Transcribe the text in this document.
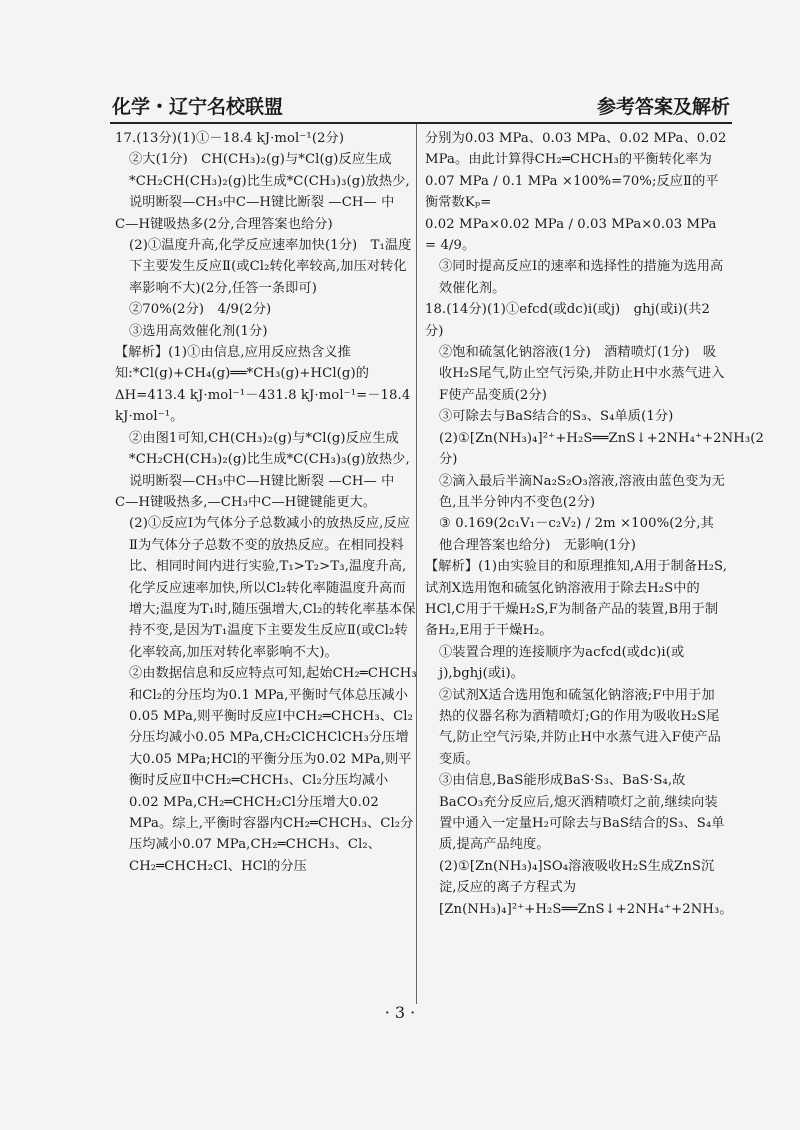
化学・辽宁名校联盟	参考答案及解析

17.(13分)(1)①－18.4 kJ·mol⁻¹(2分)

②大(1分)　CH(CH₃)₂(g)与*Cl(g)反应生成*CH₂CH(CH₃)₂(g)比生成*C(CH₃)₃(g)放热少,说明断裂—CH₃中C—H键比断裂 —CH— 中

C—H键吸热多(2分,合理答案也给分)

(2)①温度升高,化学反应速率加快(1分)　T₁温度下主要发生反应Ⅱ(或Cl₂转化率较高,加压对转化率影响不大)(2分,任答一条即可)

②70%(2分)　4/9(2分)

③选用高效催化剂(1分)

【解析】(1)①由信息,应用反应热含义推知:*Cl(g)+CH₄(g)══*CH₃(g)+HCl(g)的ΔH=413.4 kJ·mol⁻¹－431.8 kJ·mol⁻¹=－18.4 kJ·mol⁻¹。

②由图1可知,CH(CH₃)₂(g)与*Cl(g)反应生成*CH₂CH(CH₃)₂(g)比生成*C(CH₃)₃(g)放热少,说明断裂—CH₃中C—H键比断裂 —CH— 中

C—H键吸热多,—CH₃中C—H键键能更大。

(2)①反应Ⅰ为气体分子总数减小的放热反应,反应Ⅱ为气体分子总数不变的放热反应。在相同投料比、相同时间内进行实验,T₁>T₂>T₃,温度升高,化学反应速率加快,所以Cl₂转化率随温度升高而增大;温度为T₁时,随压强增大,Cl₂的转化率基本保持不变,是因为T₁温度下主要发生反应Ⅱ(或Cl₂转化率较高,加压对转化率影响不大)。

②由数据信息和反应特点可知,起始CH₂═CHCH₃和Cl₂的分压均为0.1 MPa,平衡时气体总压减小0.05 MPa,则平衡时反应Ⅰ中CH₂═CHCH₃、Cl₂分压均减小0.05 MPa,CH₂ClCHClCH₃分压增大0.05 MPa;HCl的平衡分压为0.02 MPa,则平衡时反应Ⅱ中CH₂═CHCH₃、Cl₂分压均减小0.02 MPa,CH₂═CHCH₂Cl分压增大0.02 MPa。综上,平衡时容器内CH₂═CHCH₃、Cl₂分压均减小0.07 MPa,CH₂═CHCH₃、Cl₂、CH₂═CHCH₂Cl、HCl的分压

分别为0.03 MPa、0.03 MPa、0.02 MPa、0.02 MPa。由此计算得CH₂═CHCH₃的平衡转化率为

0.07 MPa / 0.1 MPa ×100%=70%;反应Ⅱ的平衡常数Kₚ=

0.02 MPa×0.02 MPa / 0.03 MPa×0.03 MPa = 4/9。

③同时提高反应Ⅰ的速率和选择性的措施为选用高效催化剂。

18.(14分)(1)①efcd(或dc)i(或j)　ghj(或i)(共2分)

②饱和硫氢化钠溶液(1分)　酒精喷灯(1分)　吸收H₂S尾气,防止空气污染,并防止H中水蒸气进入F使产品变质(2分)

③可除去与BaS结合的S₃、S₄单质(1分)

(2)①[Zn(NH₃)₄]²⁺+H₂S══ZnS↓+2NH₄⁺+2NH₃(2分)

②滴入最后半滴Na₂S₂O₃溶液,溶液由蓝色变为无色,且半分钟内不变色(2分)

③ 0.169(2c₁V₁－c₂V₂) / 2m ×100%(2分,其他合理答案也给分)　无影响(1分)

【解析】(1)由实验目的和原理推知,A用于制备H₂S,试剂X选用饱和硫氢化钠溶液用于除去H₂S中的HCl,C用于干燥H₂S,F为制备产品的装置,B用于制备H₂,E用于干燥H₂。

①装置合理的连接顺序为acfcd(或dc)i(或j),bghj(或i)。

②试剂X适合选用饱和硫氢化钠溶液;F中用于加热的仪器名称为酒精喷灯;G的作用为吸收H₂S尾气,防止空气污染,并防止H中水蒸气进入F使产品变质。

③由信息,BaS能形成BaS·S₃、BaS·S₄,故BaCO₃充分反应后,熄灭酒精喷灯之前,继续向装置中通入一定量H₂可除去与BaS结合的S₃、S₄单质,提高产品纯度。

(2)①[Zn(NH₃)₄]SO₄溶液吸收H₂S生成ZnS沉淀,反应的离子方程式为[Zn(NH₃)₄]²⁺+H₂S══ZnS↓+2NH₄⁺+2NH₃。

· 3 ·
